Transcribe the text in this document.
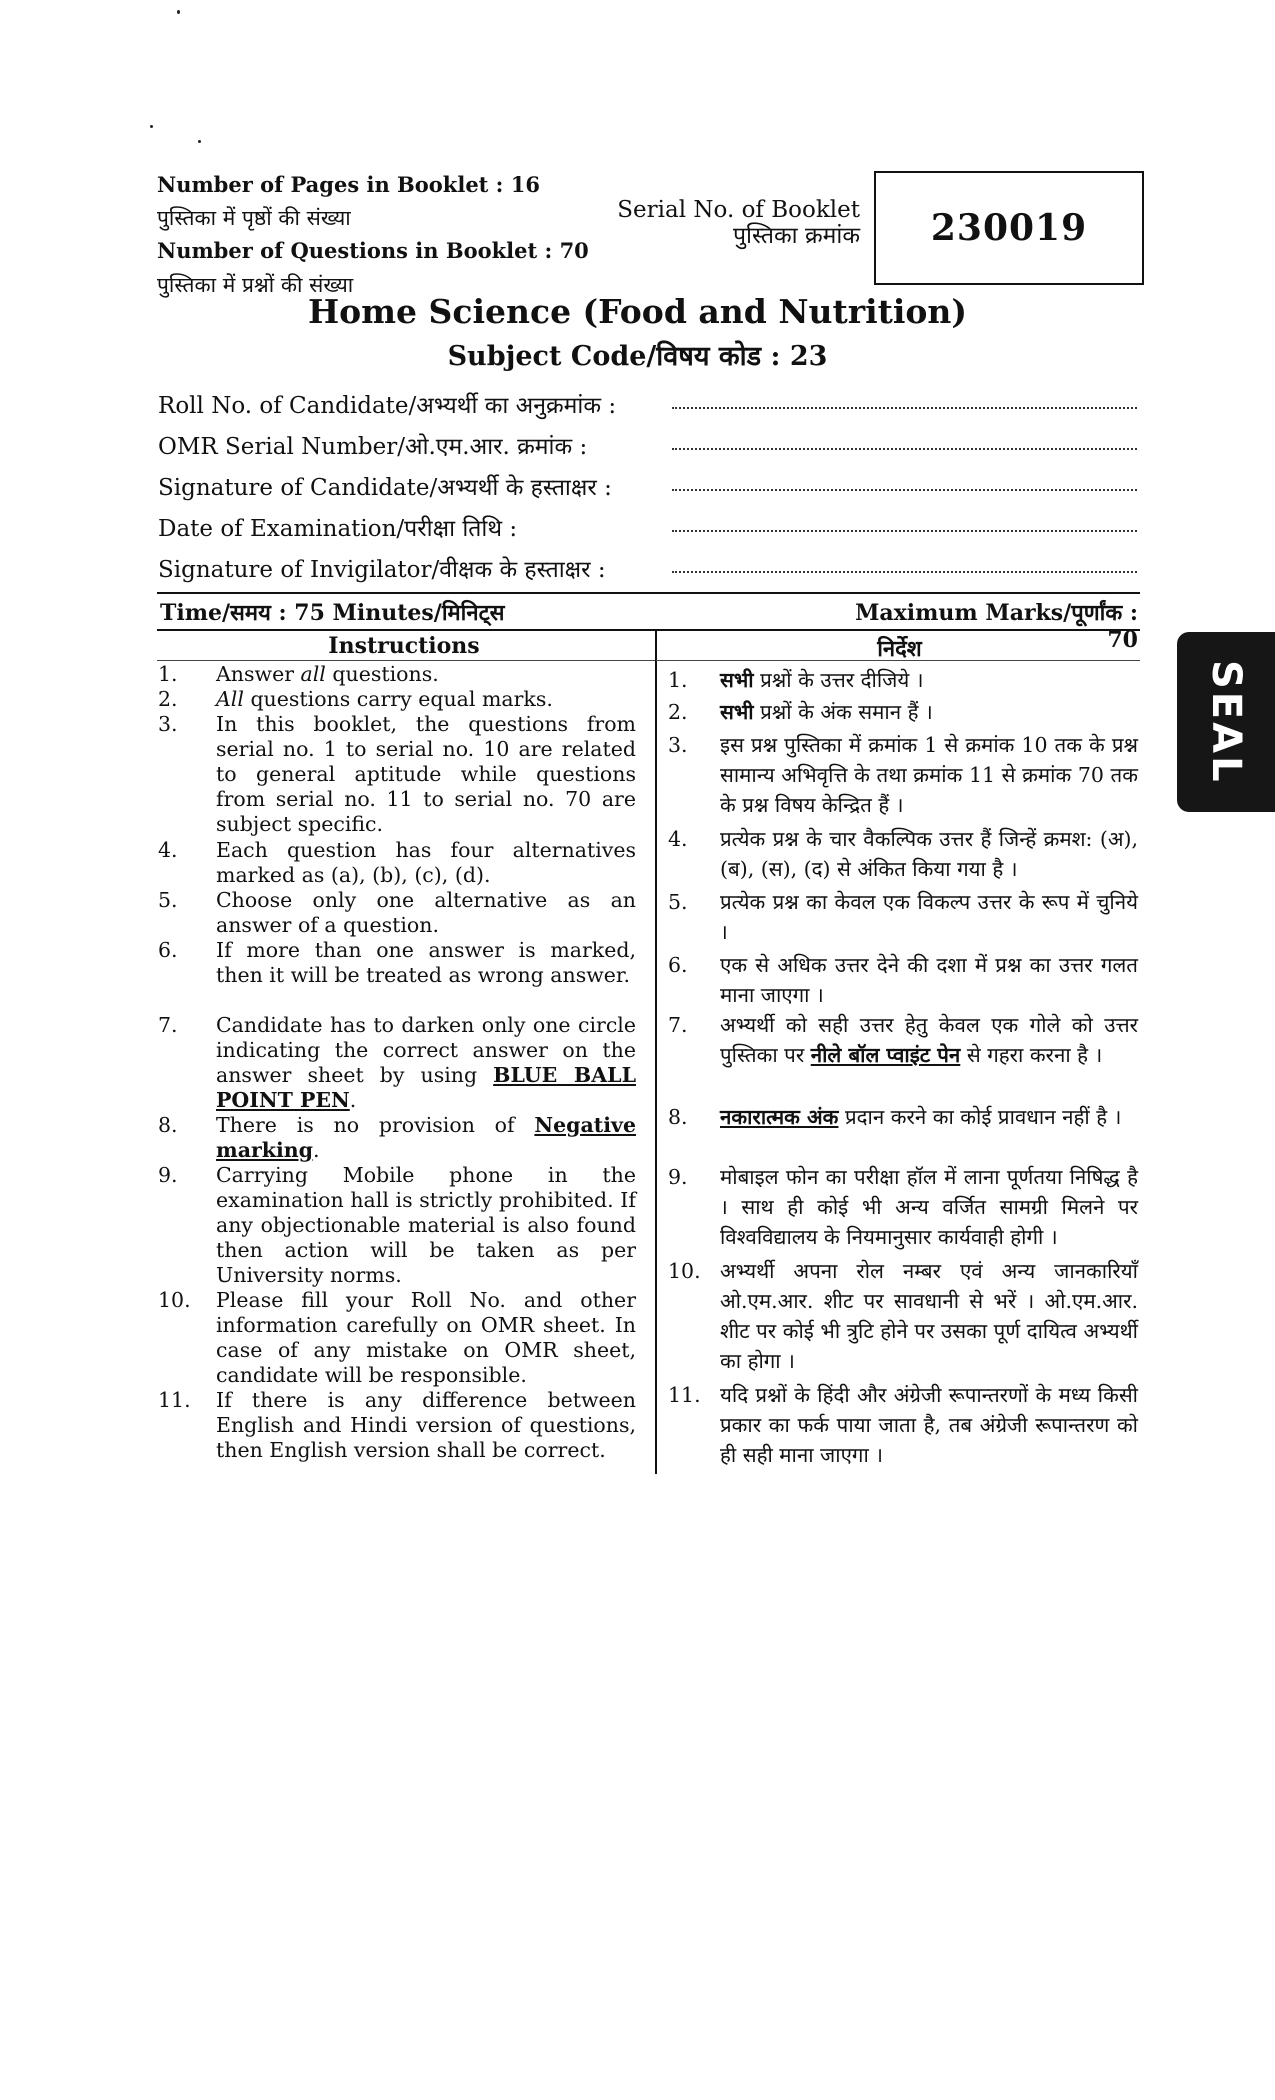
Number of Pages in Booklet : 16
पुस्तिका में पृष्ठों की संख्या
Number of Questions in Booklet : 70
पुस्तिका में प्रश्नों की संख्या
Serial No. of Booklet
पुस्तिका क्रमांक 230019
Home Science (Food and Nutrition)
Subject Code/विषय कोड : 23
Roll No. of Candidate/अभ्यर्थी का अनुक्रमांक :
OMR Serial Number/ओ.एम.आर. क्रमांक :
Signature of Candidate/अभ्यर्थी के हस्ताक्षर :
Date of Examination/परीक्षा तिथि :
Signature of Invigilator/वीक्षक के हस्ताक्षर :
Time/समय : 75 Minutes/मिनिट्स	Maximum Marks/पूर्णांक : 70
Instructions
1. Answer all questions.
2. All questions carry equal marks.
3. In this booklet, the questions from serial no. 1 to serial no. 10 are related to general aptitude while questions from serial no. 11 to serial no. 70 are subject specific.
4. Each question has four alternatives marked as (a), (b), (c), (d).
5. Choose only one alternative as an answer of a question.
6. If more than one answer is marked, then it will be treated as wrong answer.
7. Candidate has to darken only one circle indicating the correct answer on the answer sheet by using BLUE BALL POINT PEN.
8. There is no provision of Negative marking.
9. Carrying Mobile phone in the examination hall is strictly prohibited. If any objectionable material is also found then action will be taken as per University norms.
10. Please fill your Roll No. and other information carefully on OMR sheet. In case of any mistake on OMR sheet, candidate will be responsible.
11. If there is any difference between English and Hindi version of questions, then English version shall be correct.
निर्देश
1. सभी प्रश्नों के उत्तर दीजिये ।
2. सभी प्रश्नों के अंक समान हैं ।
3. इस प्रश्न पुस्तिका में क्रमांक 1 से क्रमांक 10 तक के प्रश्न सामान्य अभिवृत्ति के तथा क्रमांक 11 से क्रमांक 70 तक के प्रश्न विषय केन्द्रित हैं ।
4. प्रत्येक प्रश्न के चार वैकल्पिक उत्तर हैं जिन्हें क्रमश: (अ), (ब), (स), (द) से अंकित किया गया है ।
5. प्रत्येक प्रश्न का केवल एक विकल्प उत्तर के रूप में चुनिये ।
6. एक से अधिक उत्तर देने की दशा में प्रश्न का उत्तर गलत माना जाएगा ।
7. अभ्यर्थी को सही उत्तर हेतु केवल एक गोले को उत्तर पुस्तिका पर नीले बॉल प्वाइंट पेन से गहरा करना है ।
8. नकारात्मक अंक प्रदान करने का कोई प्रावधान नहीं है ।
9. मोबाइल फोन का परीक्षा हॉल में लाना पूर्णतया निषिद्ध है । साथ ही कोई भी अन्य वर्जित सामग्री मिलने पर विश्वविद्यालय के नियमानुसार कार्यवाही होगी ।
10. अभ्यर्थी अपना रोल नम्बर एवं अन्य जानकारियाँ ओ.एम.आर. शीट पर सावधानी से भरें । ओ.एम.आर. शीट पर कोई भी त्रुटि होने पर उसका पूर्ण दायित्व अभ्यर्थी का होगा ।
11. यदि प्रश्नों के हिंदी और अंग्रेजी रूपान्तरणों के मध्य किसी प्रकार का फर्क पाया जाता है, तब अंग्रेजी रूपान्तरण को ही सही माना जाएगा ।
SEAL
